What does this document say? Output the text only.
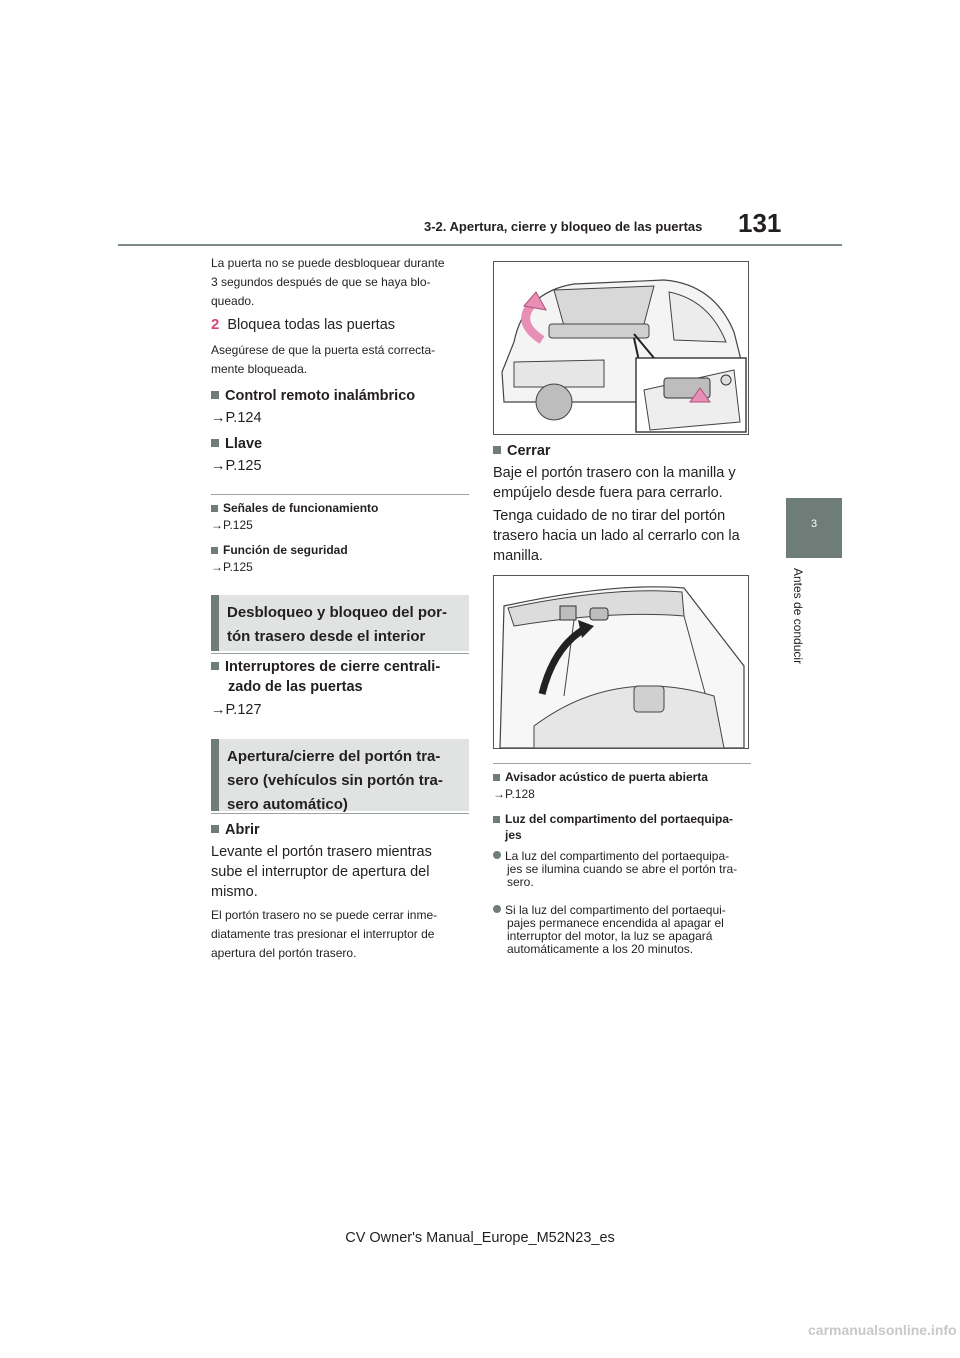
3-2. Apertura, cierre y bloqueo de las puertas 131
3
Antes de conducir
La puerta no se puede desbloquear durante
3 segundos después de que se haya blo-
queado.
2 Bloquea todas las puertas
Asegúrese de que la puerta está correcta-
mente bloqueada.
Control remoto inalámbrico
→P.124
Llave
→P.125
Señales de funcionamiento
→P.125
Función de seguridad
→P.125
Desbloqueo y bloqueo del por-
tón trasero desde el interior
Interruptores de cierre centrali-
zado de las puertas
→P.127
Apertura/cierre del portón tra-
sero (vehículos sin portón tra-
sero automático)
Abrir
Levante el portón trasero mientras
sube el interruptor de apertura del
mismo.
El portón trasero no se puede cerrar inme-
diatamente tras presionar el interruptor de
apertura del portón trasero.
Cerrar
Baje el portón trasero con la manilla y
empújelo desde fuera para cerrarlo.
Tenga cuidado de no tirar del portón
trasero hacia un lado al cerrarlo con la
manilla.
Avisador acústico de puerta abierta
→P.128
Luz del compartimento del portaequipa-
jes
La luz del compartimento del portaequipa-
jes se ilumina cuando se abre el portón tra-
sero.
Si la luz del compartimento del portaequi-
pajes permanece encendida al apagar el
interruptor del motor, la luz se apagará
automáticamente a los 20 minutos.
CV Owner's Manual_Europe_M52N23_es
carmanualsonline.info
